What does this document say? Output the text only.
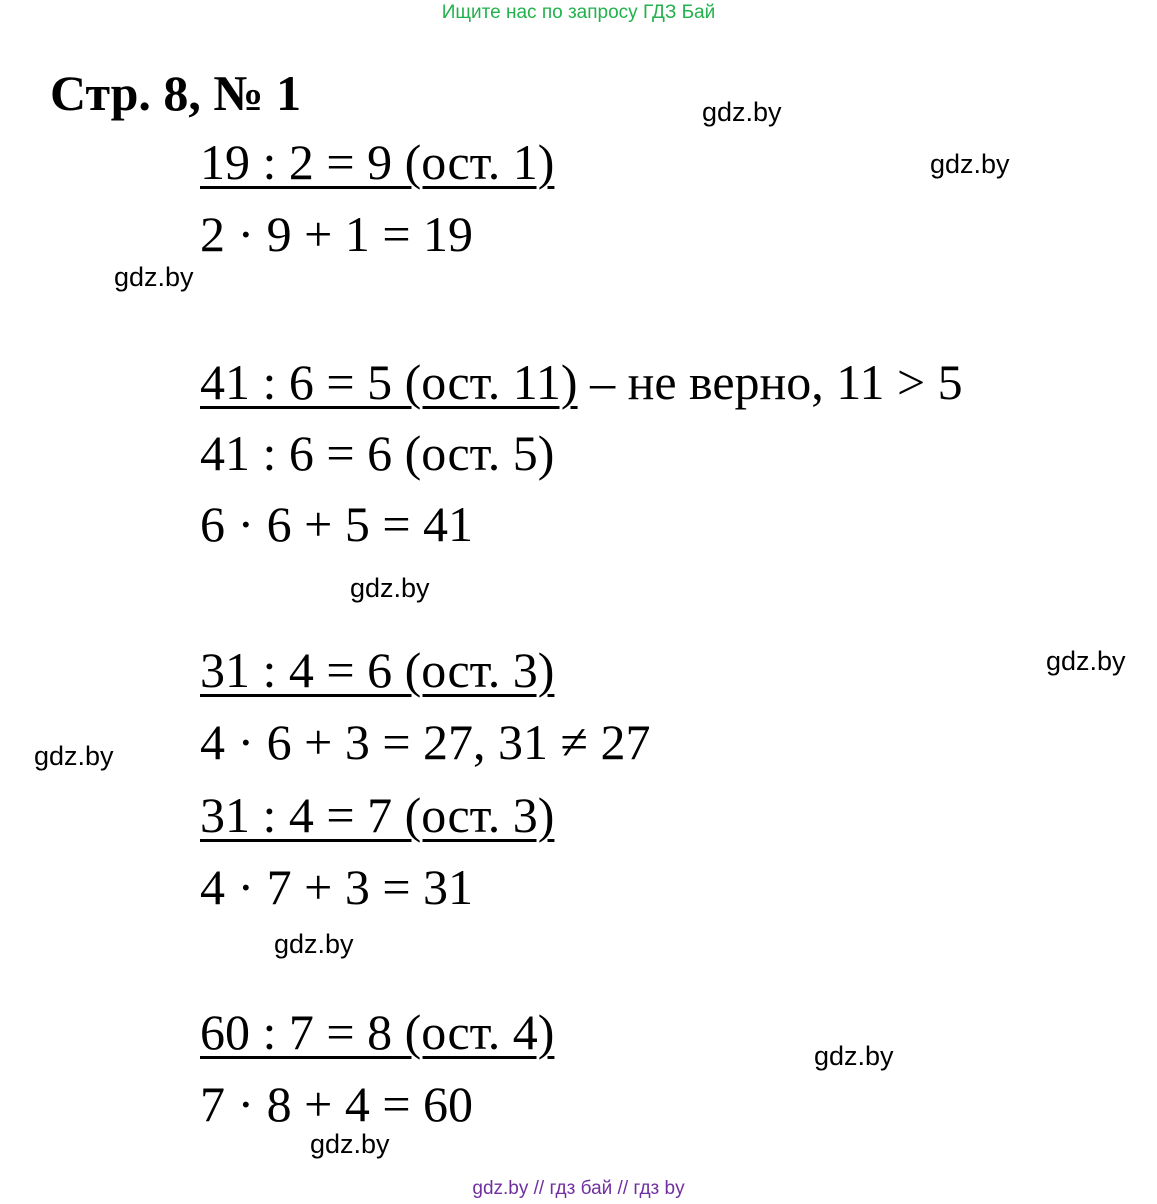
Ищите нас по запросу ГДЗ Бай
Стр. 8, № 1	gdz.by
gdz.by
gdz.by
gdz.by
gdz.by
gdz.by
gdz.by
gdz.by
gdz.by
19 : 2 = 9 (ост. 1)
2 · 9 + 1 = 19
41 : 6 = 5 (ост. 11) – не верно, 11 > 5
41 : 6 = 6 (ост. 5)
6 · 6 + 5 = 41
31 : 4 = 6 (ост. 3)
4 · 6 + 3 = 27, 31 ≠ 27
31 : 4 = 7 (ост. 3)
4 · 7 + 3 = 31
60 : 7 = 8 (ост. 4)
7 · 8 + 4 = 60
gdz.by // гдз бай // гдз by
